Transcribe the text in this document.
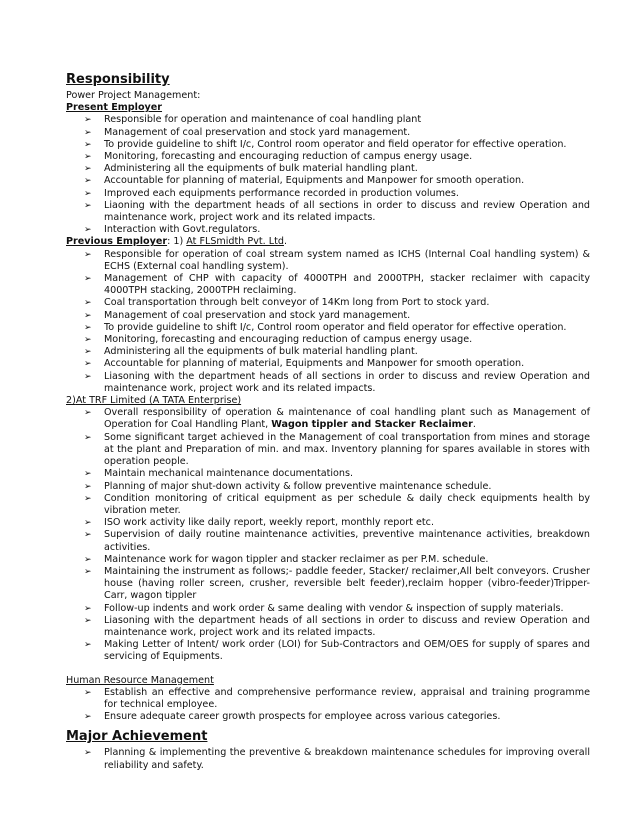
Responsibility

Power Project Management:

Present Employer

➢ Responsible for operation and maintenance of coal handling plant
➢ Management of coal preservation and stock yard management.
➢ To provide guideline to shift I/c, Control room operator and field operator for effective operation.
➢ Monitoring, forecasting and encouraging reduction of campus energy usage.
➢ Administering all the equipments of bulk material handling plant.
➢ Accountable for planning of material, Equipments and Manpower for smooth operation.
➢ Improved each equipments performance recorded in production volumes.
➢ Liaoning with the department heads of all sections in order to discuss and review Operation and maintenance work, project work and its related impacts.
➢ Interaction with Govt.regulators.

Previous Employer: 1) At FLSmidth Pvt. Ltd.

➢ Responsible for operation of coal stream system named as ICHS (Internal Coal handling system) & ECHS (External coal handling system).
➢ Management of CHP with capacity of 4000TPH and 2000TPH, stacker reclaimer with capacity 4000TPH stacking, 2000TPH reclaiming.
➢ Coal transportation through belt conveyor of 14Km long from Port to stock yard.
➢ Management of coal preservation and stock yard management.
➢ To provide guideline to shift I/c, Control room operator and field operator for effective operation.
➢ Monitoring, forecasting and encouraging reduction of campus energy usage.
➢ Administering all the equipments of bulk material handling plant.
➢ Accountable for planning of material, Equipments and Manpower for smooth operation.
➢ Liasoning with the department heads of all sections in order to discuss and review Operation and maintenance work, project work and its related impacts.

2)At TRF Limited (A TATA Enterprise)

➢ Overall responsibility of operation & maintenance of coal handling plant such as Management of Operation for Coal Handling Plant, Wagon tippler and Stacker Reclaimer.
➢ Some significant target achieved in the Management of coal transportation from mines and storage at the plant and Preparation of min. and max. Inventory planning for spares available in stores with operation people.
➢ Maintain mechanical maintenance documentations.
➢ Planning of major shut-down activity & follow preventive maintenance schedule.
➢ Condition monitoring of critical equipment as per schedule & daily check equipments health by vibration meter.
➢ ISO work activity like daily report, weekly report, monthly report etc.
➢ Supervision of daily routine maintenance activities, preventive maintenance activities, breakdown activities.
➢ Maintenance work for wagon tippler and stacker reclaimer as per P.M. schedule.
➢ Maintaining the instrument as follows;- paddle feeder, Stacker/ reclaimer,All belt conveyors. Crusher house (having roller screen, crusher, reversible belt feeder),reclaim hopper (vibro-feeder)Tripper-Carr, wagon tippler
➢ Follow-up indents and work order & same dealing with vendor & inspection of supply materials.
➢ Liasoning with the department heads of all sections in order to discuss and review Operation and maintenance work, project work and its related impacts.
➢ Making Letter of Intent/ work order (LOI) for Sub-Contractors and OEM/OES for supply of spares and servicing of Equipments.

Human Resource Management

➢ Establish an effective and comprehensive performance review, appraisal and training programme for technical employee.
➢ Ensure adequate career growth prospects for employee across various categories.
Major Achievement
➢ Planning & implementing the preventive & breakdown maintenance schedules for improving overall reliability and safety.
